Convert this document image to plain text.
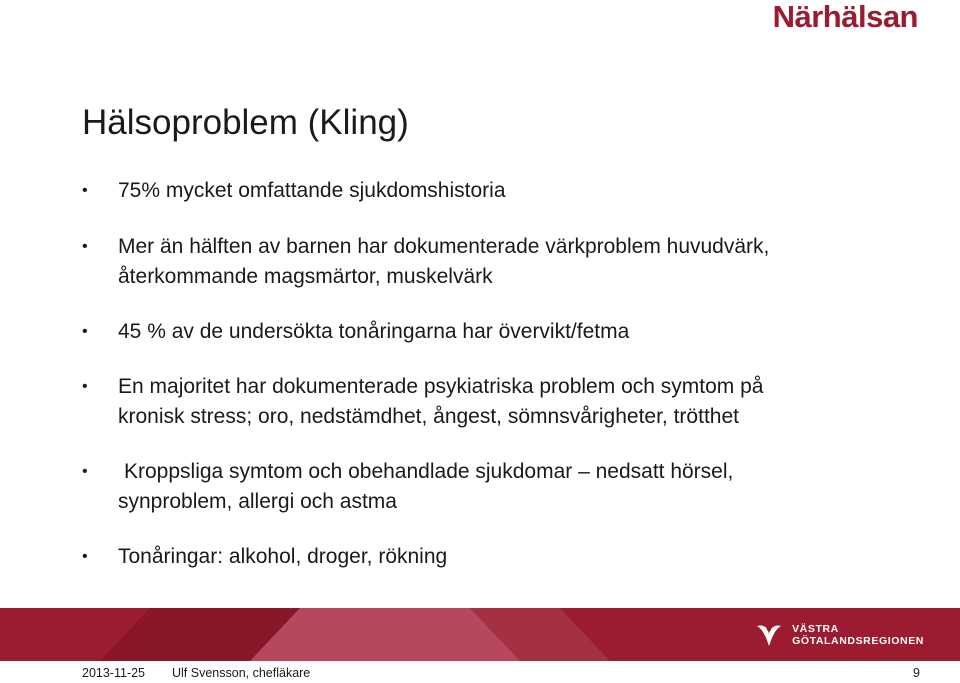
Närhälsan
Hälsoproblem (Kling)
• 75% mycket omfattande sjukdomshistoria
• Mer än hälften av barnen har dokumenterade värkproblem huvudvärk,
återkommande magsmärtor, muskelvärk
• 45 % av de undersökta tonåringarna har övervikt/fetma
• En majoritet har dokumenterade psykiatriska problem och symtom på
kronisk stress; oro, nedstämdhet, ångest, sömnsvårigheter, trötthet
• Kroppsliga symtom och obehandlade sjukdomar – nedsatt hörsel,
synproblem, allergi och astma
• Tonåringar: alkohol, droger, rökning
VÄSTRA
GÖTALANDSREGIONEN
2013-11-25 Ulf Svensson, chefläkare	9
